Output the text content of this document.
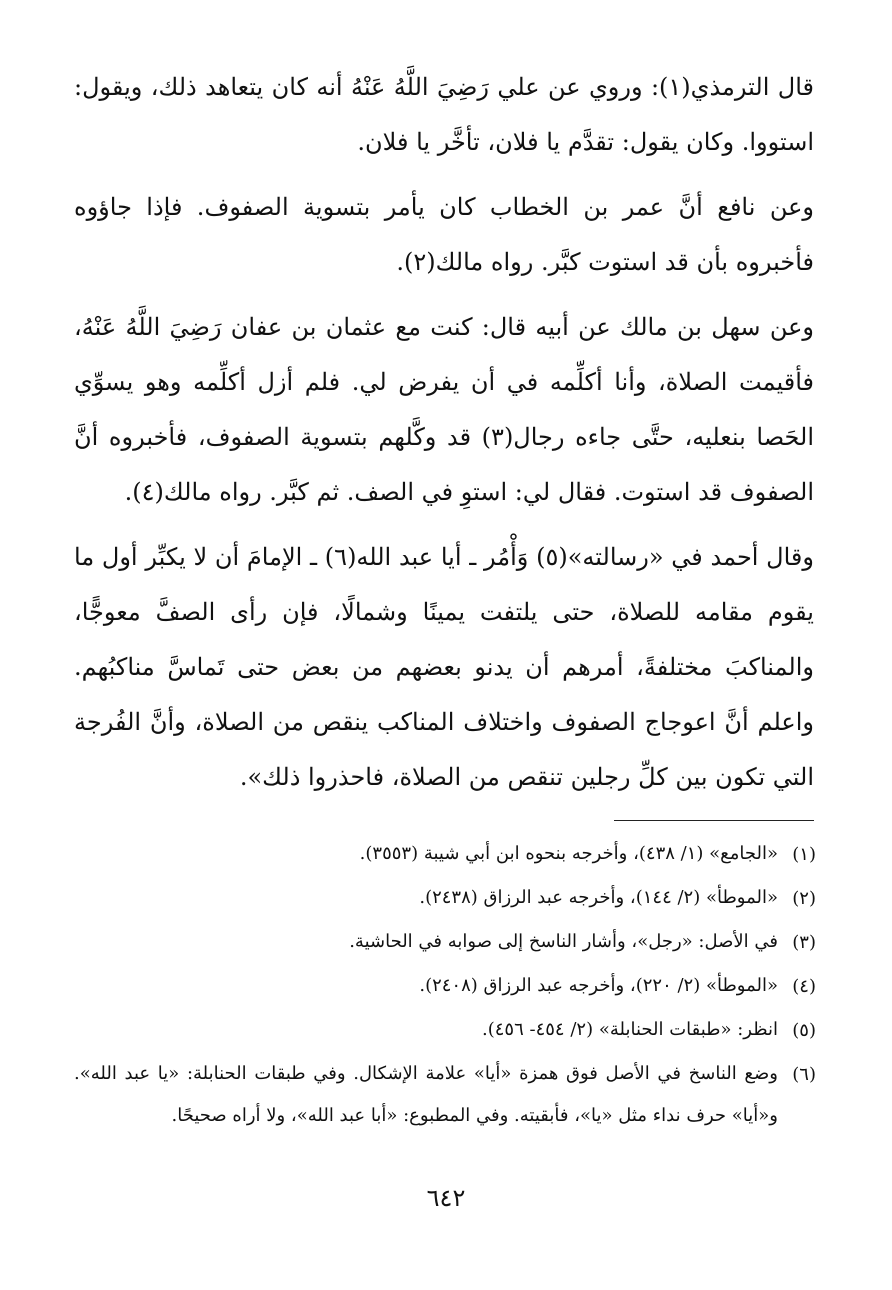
قال الترمذي(١): وروي عن علي رَضِيَ اللَّهُ عَنْهُ أنه كان يتعاهد ذلك، ويقول: استووا. وكان يقول: تقدَّم يا فلان، تأخَّر يا فلان.

وعن نافع أنَّ عمر بن الخطاب كان يأمر بتسوية الصفوف. فإذا جاؤوه فأخبروه بأن قد استوت كبَّر. رواه مالك(٢).

وعن سهل بن مالك عن أبيه قال: كنت مع عثمان بن عفان رَضِيَ اللَّهُ عَنْهُ، فأقيمت الصلاة، وأنا أكلِّمه في أن يفرض لي. فلم أزل أكلِّمه وهو يسوِّي الحَصا بنعليه، حتَّى جاءه رجال(٣) قد وكَّلهم بتسوية الصفوف، فأخبروه أنَّ الصفوف قد استوت. فقال لي: استوِ في الصف. ثم كبَّر. رواه مالك(٤).

وقال أحمد في «رسالته»(٥) وَأْمُر ـ أيا عبد الله(٦) ـ الإمامَ أن لا يكبِّر أول ما يقوم مقامه للصلاة، حتى يلتفت يمينًا وشمالًا، فإن رأى الصفَّ معوجًّا، والمناكبَ مختلفةً، أمرهم أن يدنو بعضهم من بعض حتى تَماسَّ مناكبُهم. واعلم أنَّ اعوجاج الصفوف واختلاف المناكب ينقص من الصلاة، وأنَّ الفُرجة التي تكون بين كلِّ رجلين تنقص من الصلاة، فاحذروا ذلك».

(١)
«الجامع» (١/ ٤٣٨)، وأخرجه بنحوه ابن أبي شيبة (٣٥٥٣).
(٢)
«الموطأ» (٢/ ١٤٤)، وأخرجه عبد الرزاق (٢٤٣٨).
(٣)
في الأصل: «رجل»، وأشار الناسخ إلى صوابه في الحاشية.
(٤)
«الموطأ» (٢/ ٢٢٠)، وأخرجه عبد الرزاق (٢٤٠٨).
(٥)
انظر: «طبقات الحنابلة» (٢/ ٤٥٤- ٤٥٦).
(٦)
وضع الناسخ في الأصل فوق همزة «أيا» علامة الإشكال. وفي طبقات الحنابلة: «يا عبد الله». و«أيا» حرف نداء مثل «يا»، فأبقيته. وفي المطبوع: «أبا عبد الله»، ولا أراه صحيحًا.
٦٤٢
